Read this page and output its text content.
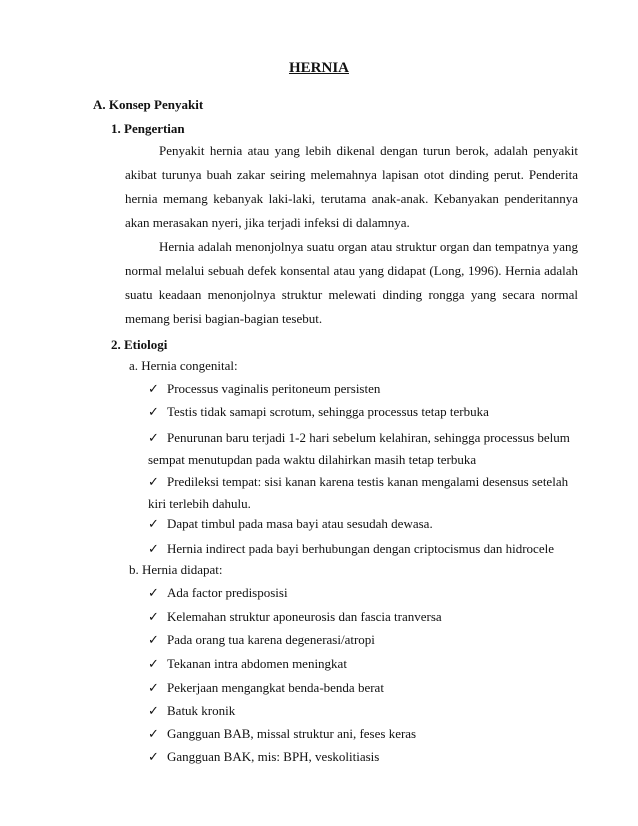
HERNIA
A. Konsep Penyakit
1. Pengertian

Penyakit hernia atau yang lebih dikenal dengan turun berok, adalah penyakit akibat turunya buah zakar seiring melemahnya lapisan otot dinding perut. Penderita hernia memang kebanyak laki-laki, terutama anak-anak. Kebanyakan penderitannya akan merasakan nyeri, jika terjadi infeksi di dalamnya.

Hernia adalah menonjolnya suatu organ atau struktur organ dan tempatnya yang normal melalui sebuah defek konsental atau yang didapat (Long, 1996). Hernia adalah suatu keadaan menonjolnya struktur melewati dinding rongga yang secara normal memang berisi bagian-bagian tesebut.

2. Etiologi
a. Hernia congenital:
✓ Processus vaginalis peritoneum persisten
✓ Testis tidak samapi scrotum, sehingga processus tetap terbuka
✓ Penurunan baru terjadi 1-2 hari sebelum kelahiran, sehingga processus belum sempat menutupdan pada waktu dilahirkan masih tetap terbuka
✓ Predileksi tempat: sisi kanan karena testis kanan mengalami desensus setelah kiri terlebih dahulu.
✓ Dapat timbul pada masa bayi atau sesudah dewasa.
✓ Hernia indirect pada bayi berhubungan dengan criptocismus dan hidrocele
b. Hernia didapat:
✓ Ada factor predisposisi
✓ Kelemahan struktur aponeurosis dan fascia tranversa
✓ Pada orang tua karena degenerasi/atropi
✓ Tekanan intra abdomen meningkat
✓ Pekerjaan mengangkat benda-benda berat
✓ Batuk kronik
✓ Gangguan BAB, missal struktur ani, feses keras
✓ Gangguan BAK, mis: BPH, veskolitiasis
